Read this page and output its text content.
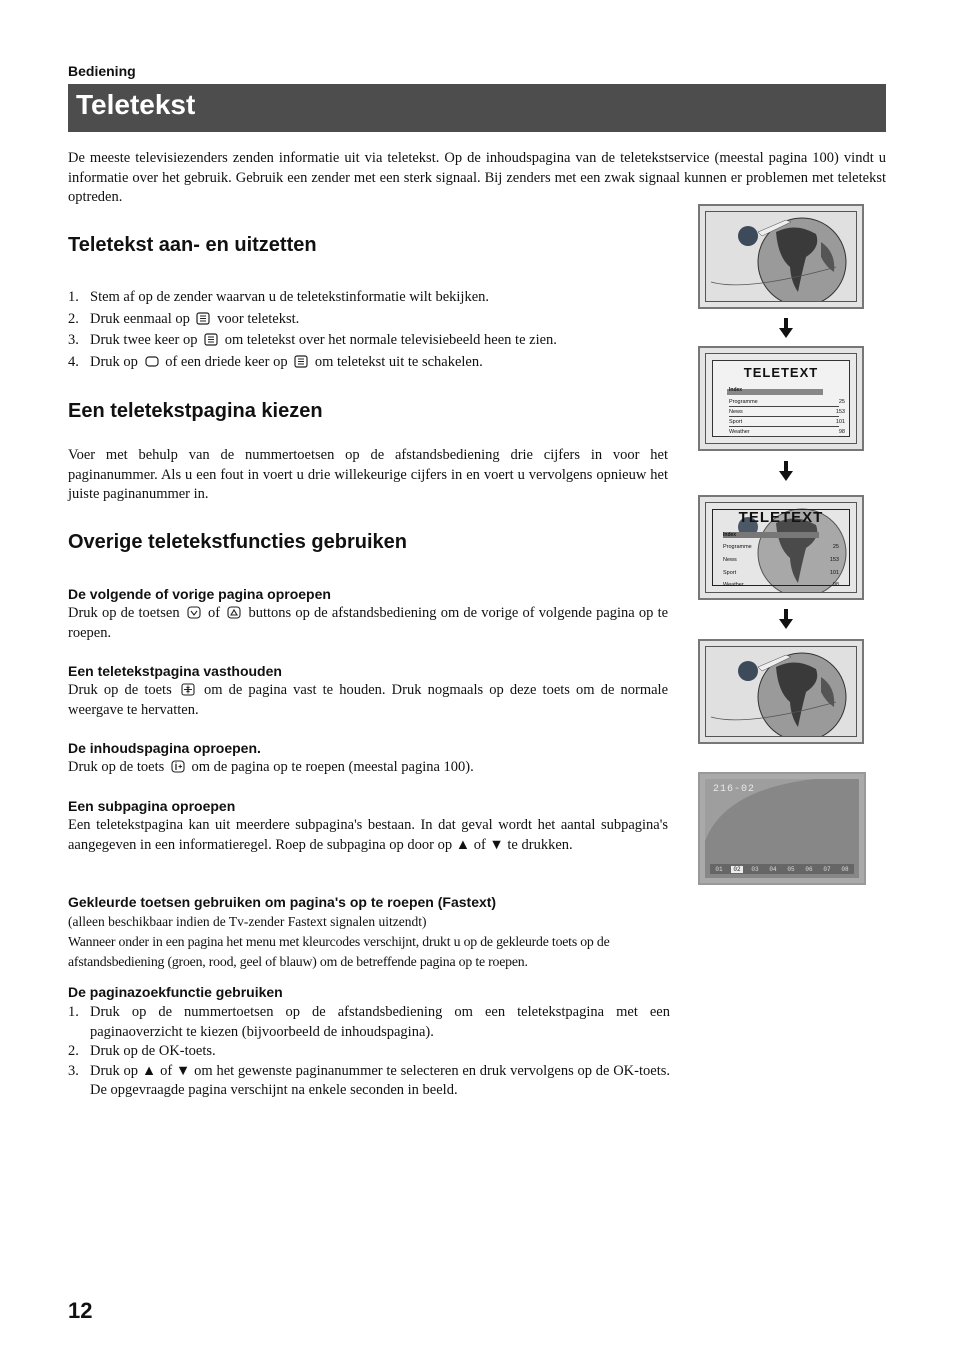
Bediening
Teletekst
De meeste televisiezenders zenden informatie uit via teletekst. Op de inhoudspagina van de teletekstservice (meestal pagina 100) vindt u informatie over het gebruik. Gebruik een zender met een sterk signaal. Bij zenders met een zwak signaal kunnen er problemen met teletekst optreden.
Teletekst aan- en uitzetten
1. Stem af op de zender waarvan u de teletekstinformatie wilt bekijken.
2. Druk eenmaal op voor teletekst.
3. Druk twee keer op om teletekst over het normale televisiebeeld heen te zien.
4. Druk op of een driede keer op om teletekst uit te schakelen.
Een teletekstpagina kiezen
Voer met behulp van de nummertoetsen op de afstandsbediening drie cijfers in voor het paginanummer. Als u een fout in voert u drie willekeurige cijfers in en voert u vervolgens opnieuw het juiste paginanummer in.
Overige teletekstfuncties gebruiken
De volgende of vorige pagina oproepen
Druk op de toetsen of buttons op de afstandsbediening om de vorige of volgende pagina op te roepen.
Een teletekstpagina vasthouden
Druk op de toets om de pagina vast te houden. Druk nogmaals op deze toets om de normale weergave te hervatten.
De inhoudspagina oproepen.
Druk op de toets om de pagina op te roepen (meestal pagina 100).
Een subpagina oproepen
Een teletekstpagina kan uit meerdere subpagina's bestaan. In dat geval wordt het aantal subpagina's aangegeven in een informatieregel. Roep de subpagina op door op ▲ of ▼ te drukken.
Gekleurde toetsen gebruiken om pagina's op te roepen (Fastext)
(alleen beschikbaar indien de Tv-zender Fastext signalen uitzendt)
Wanneer onder in een pagina het menu met kleurcodes verschijnt, drukt u op de gekleurde toets op de afstandsbediening (groen, rood, geel of blauw) om de betreffende pagina op te roepen.
De paginazoekfunctie gebruiken
1. Druk op de nummertoetsen op de afstandsbediening om een teletekstpagina met een paginaoverzicht te kiezen (bijvoorbeeld de inhoudspagina).
2. Druk op de OK-toets.
3. Druk op ▲ of ▼ om het gewenste paginanummer te selecteren en druk vervolgens op de OK-toets. De opgevraagde pagina verschijnt na enkele seconden in beeld.
12
TELETEXT
Index
Programme	25
News	153
Sport	101
Weather	98
TELETEXT
Index
Programme	25
News	153
Sport	101
Weather	98
216-02
01	02	03	04	05	06	07	08
